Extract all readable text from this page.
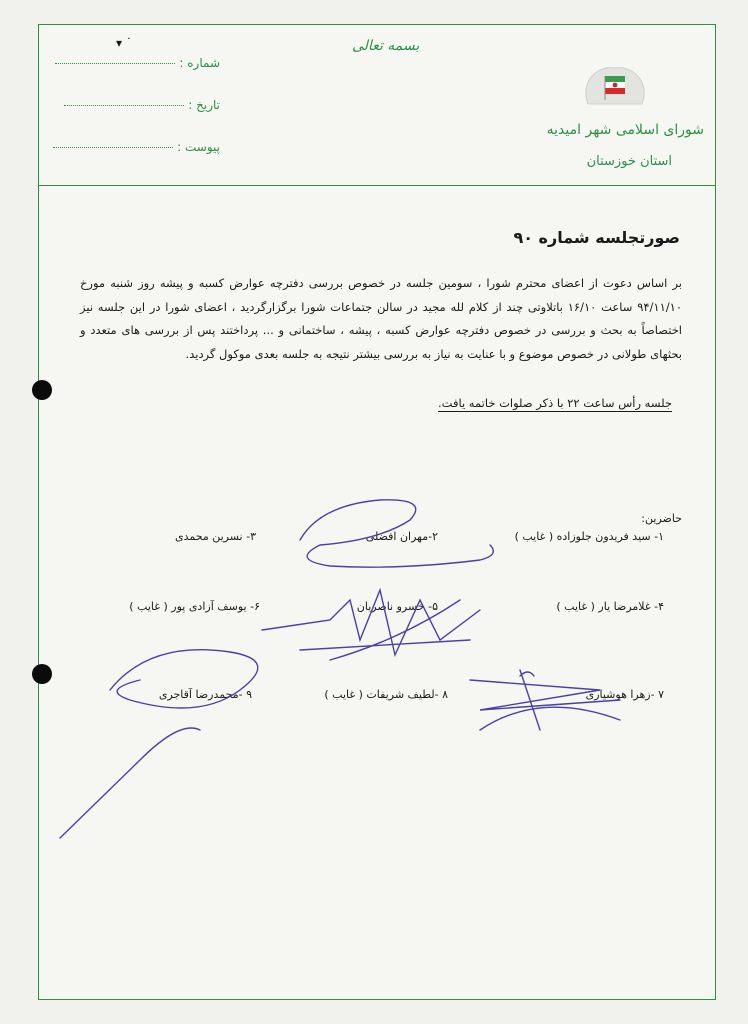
▾ ˙
شماره :
تاریخ :
پیوست :
بسمه تعالی
شورای اسلامی شهر امیدیه
استان خوزستان
صورتجلسه شماره ۹۰
بر اساس دعوت از اعضای محترم شورا ، سومین جلسه در خصوص بررسی دفترچه عوارض کسبه و پیشه روز شنبه مورخ ۹۴/۱۱/۱۰ ساعت ۱۶/۱۰ باتلاوتی چند از کلام لله مجید در سالن جتماعات شورا برگزارگردید ، اعضای شورا در این جلسه نیز اختصاصاً به بحث و بررسی در خصوص دفترچه عوارض کسبه ، پیشه ، ساختمانی و ... پرداختند پس از بررسی های متعدد و بحثهای طولانی در خصوص موضوع و با عنایت به نیاز به بررسی بیشتر نتیجه به جلسه بعدی موکول گردید.
جلسه رأس ساعت ۲۲ با ذکر صلوات خاتمه یافت.
حاضرین:
۱- سید فریدون جلوزاده ( غایب )
۲-مهران افضلی
۳- نسرین محمدی
۴- غلامرضا یار ( غایب )
۵- خسرو ناصریان
۶- یوسف آزادی پور ( غایب )
۷ -زهرا هوشیاری
۸ -لطیف شریفات ( غایب )
۹ -محمدرضا آقاجری
